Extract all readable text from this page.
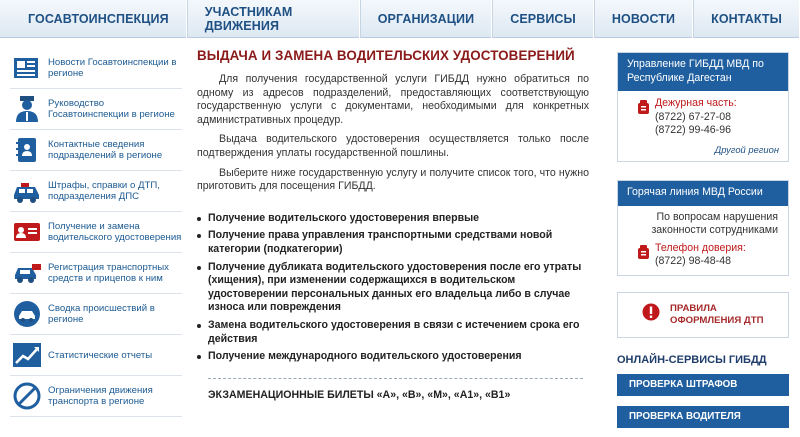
ГОСАВТОИНСПЕКЦИЯ	УЧАСТНИКАМ ДВИЖЕНИЯ	ОРГАНИЗАЦИИ	СЕРВИСЫ	НОВОСТИ	КОНТАКТЫ
Новости Госавтоинспекции в регионе
Руководство Госавтоинспекции в регионе
Контактные сведения подразделений в регионе
Штрафы, справки о ДТП, подразделения ДПС
Получение и замена водительского удостоверения
Регистрация транспортных средств и прицепов к ним
Сводка происшествий в регионе
Статистические отчеты
Ограничения движения транспорта в регионе
ВЫДАЧА И ЗАМЕНА ВОДИТЕЛЬСКИХ УДОСТОВЕРЕНИЙ

Для получения государственной услуги ГИБДД нужно обратиться по одному из адресов подразделений, предоставляющих соответствующую государственную услуги с документами, необходимыми для конкретных административных процедур.

Выдача водительского удостоверения осуществляется только после подтверждения уплаты государственной пошлины.

Выберите ниже государственную услугу и получите список того, что нужно приготовить для посещения ГИБДД.

Получение водительского удостоверения впервые
Получение права управления транспортными средствами новой категории (подкатегории)
Получение дубликата водительского удостоверения после его утраты (хищения), при изменении содержащихся в водительском удостоверении персональных данных его владельца либо в случае износа или повреждения
Замена водительского удостоверения в связи с истечением срока его действия
Получение международного водительского удостоверения
ЭКЗАМЕНАЦИОННЫЕ БИЛЕТЫ «А», «В», «М», «А1», «В1»
Управление ГИБДД МВД по Республике Дагестан
Дежурная часть:
(8722) 67-27-08
(8722) 99-46-96
Другой регион
Горячая линия МВД России
По вопросам нарушения законности сотрудниками
Телефон доверия:
(8722) 98-48-48
ПРАВИЛА
ОФОРМЛЕНИЯ ДТП
ОНЛАЙН-СЕРВИСЫ ГИБДД
ПРОВЕРКА ШТРАФОВ
ПРОВЕРКА ВОДИТЕЛЯ
